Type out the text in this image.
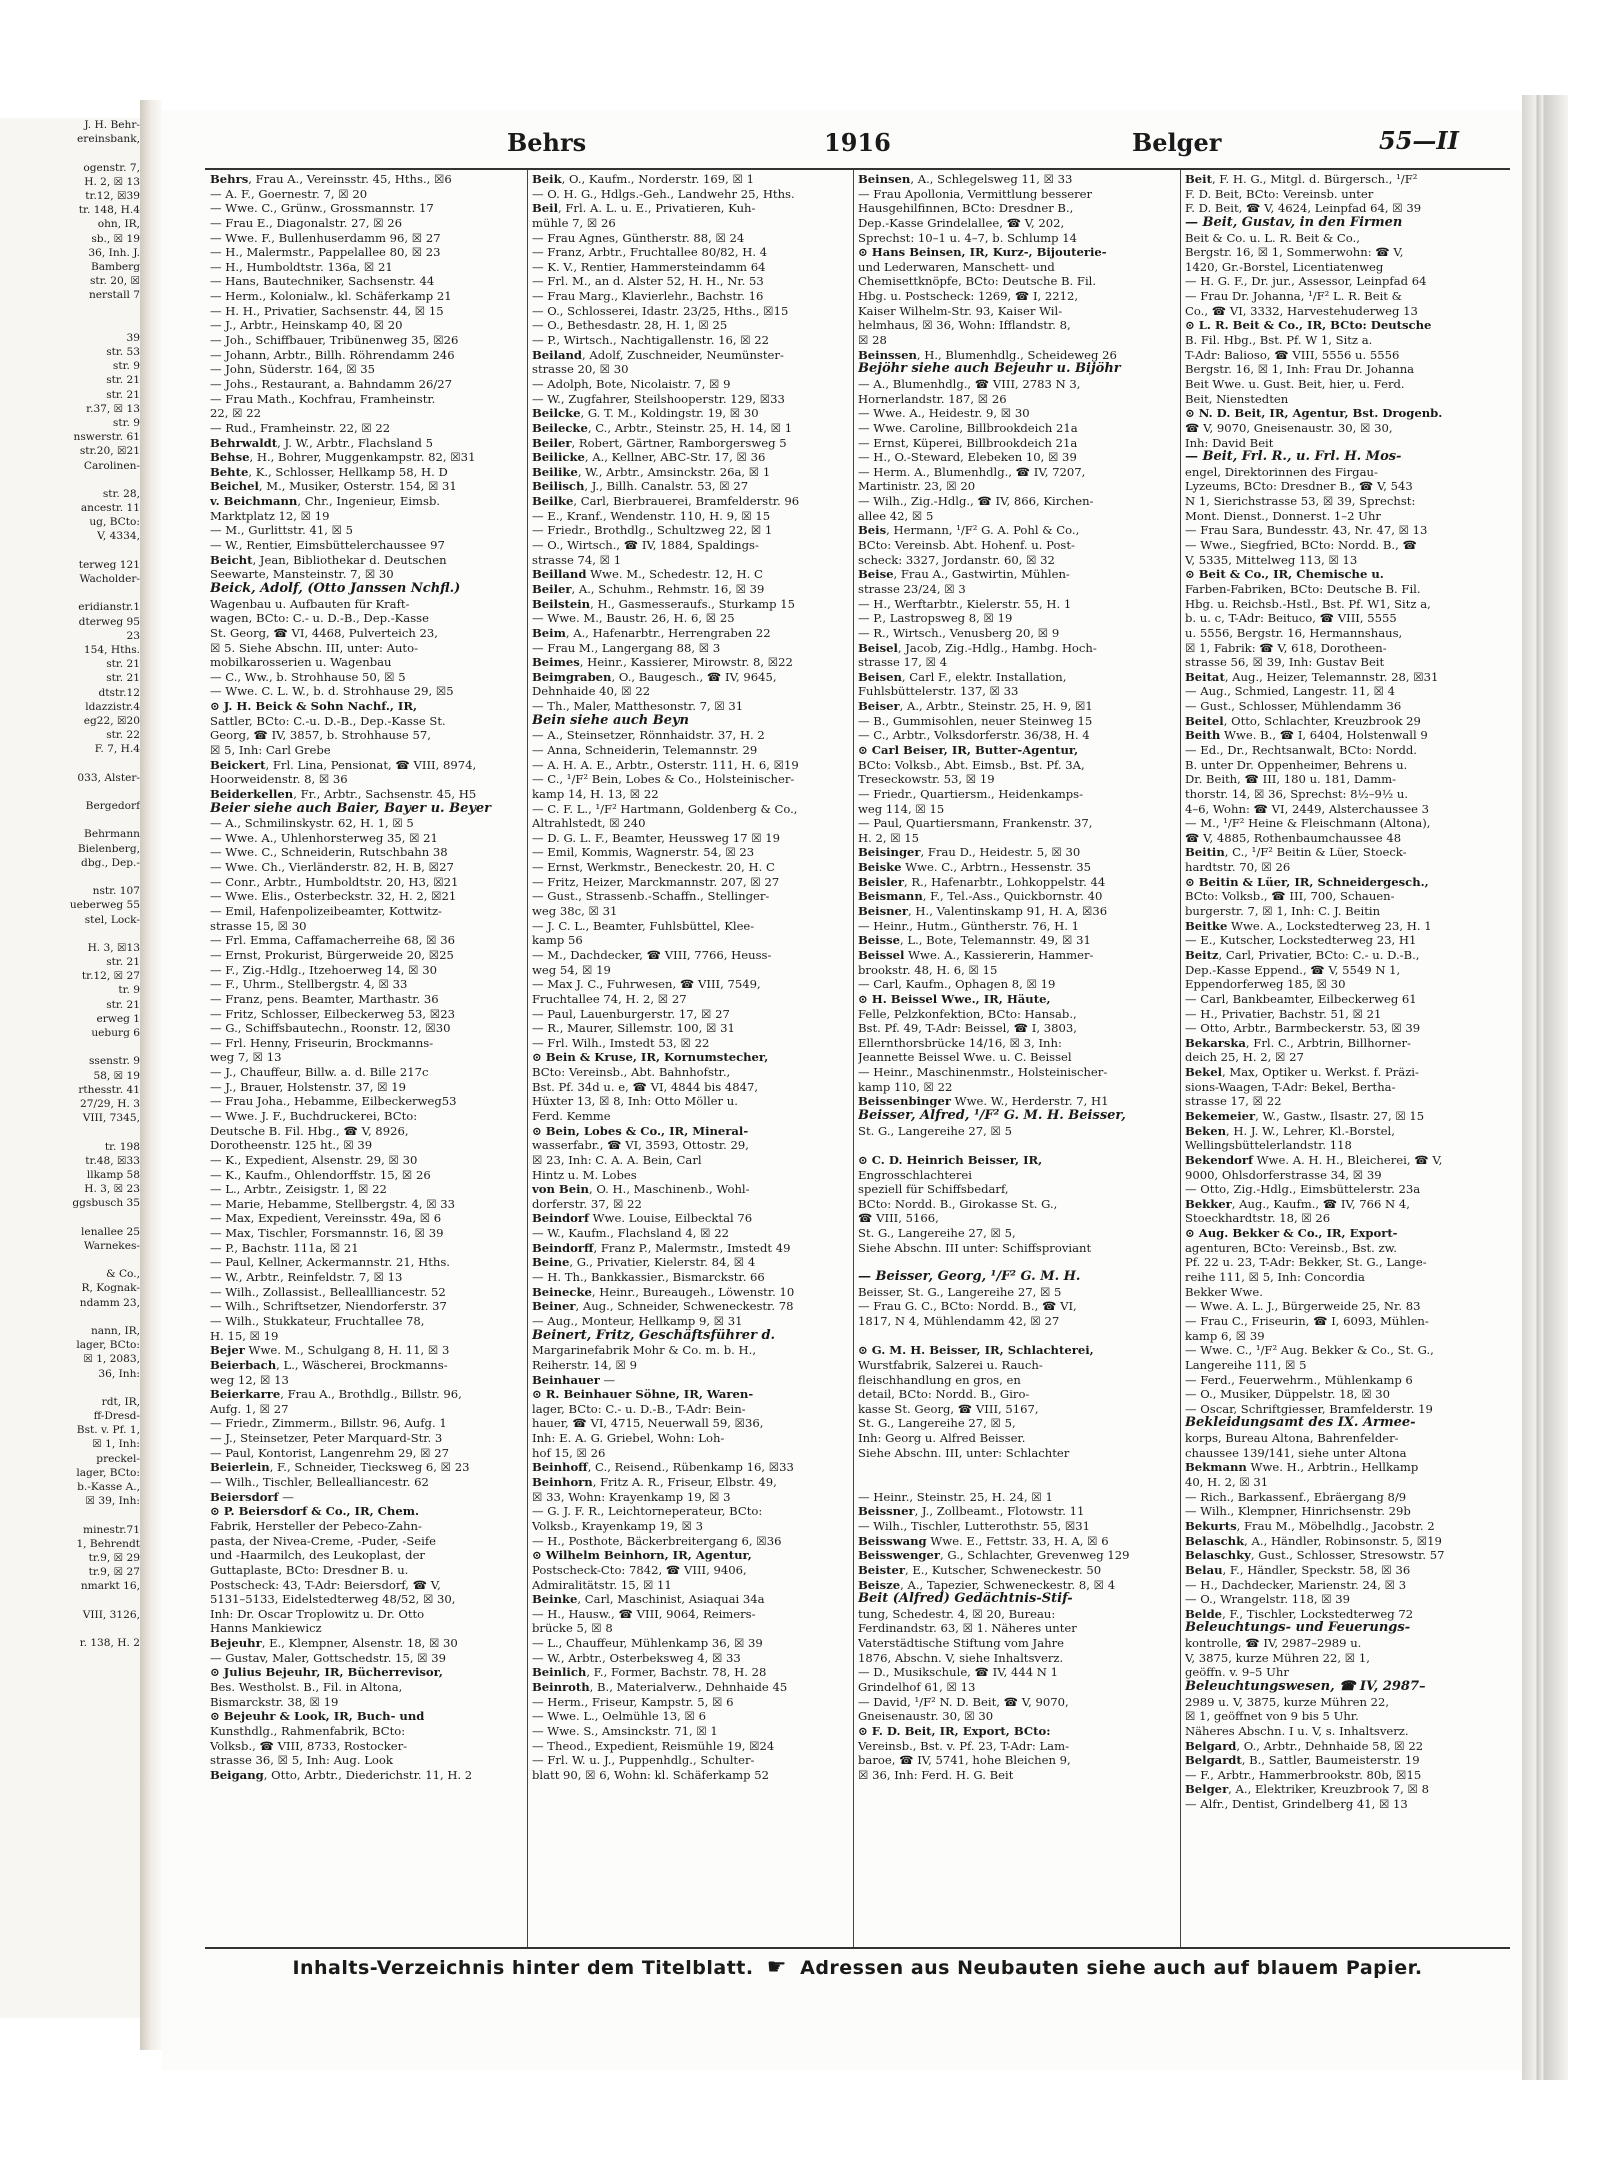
J. H. Behr-
ereinsbank,
ogenstr. 7,
H. 2, ☒ 13
tr.12, ☒39
tr. 148, H.4
ohn, IR,
sb., ☒ 19
36, Inh. J.
Bamberg
str. 20, ☒
nerstall 7
39
str. 53
str. 9
str. 21
str. 21
r.37, ☒ 13
str. 9
nswerstr. 61
str.20, ☒21
Carolinen-
str. 28,
ancestr. 11
ug, BCto:
V, 4334,
terweg 121
Wacholder-
eridianstr.1
dterweg 95
23
154, Hths.
str. 21
str. 21
dtstr.12
ldazzistr.4
eg22, ☒20
str. 22
F. 7, H.4
033, Alster-
Bergedorf
Behrmann
Bielenberg,
dbg., Dep.-
nstr. 107
ueberweg 55
stel, Lock-
H. 3, ☒13
str. 21
tr.12, ☒ 27
tr. 9
str. 21
erweg 1
ueburg 6
ssenstr. 9
58, ☒ 19
rthesstr. 41
27/29, H. 3
VIII, 7345,
tr. 198
tr.48, ☒33
llkamp 58
H. 3, ☒ 23
ggsbusch 35
lenallee 25
Warnekes-
& Co.,
R, Kognak-
ndamm 23,
nann, IR,
lager, BCto:
☒ 1, 2083,
36, Inh:
rdt, IR,
ff-Dresd-
Bst. v. Pf. 1,
☒ 1, Inh:
preckel-
lager, BCto:
b.-Kasse A.,
☒ 39, Inh:
minestr.71
1, Behrendt
tr.9, ☒ 29
tr.9, ☒ 27
nmarkt 16,
VIII, 3126,
r. 138, H. 2
Behrs	1916	Belger	55—II
Behrs, Frau A., Vereinsstr. 45, Hths., ☒6
— A. F., Goernestr. 7, ☒ 20
— Wwe. C., Grünw., Grossmannstr. 17
— Frau E., Diagonalstr. 27, ☒ 26
— Wwe. F., Bullenhuserdamm 96, ☒ 27
— H., Malermstr., Pappelallee 80, ☒ 23
— H., Humboldtstr. 136a, ☒ 21
— Hans, Bautechniker, Sachsenstr. 44
— Herm., Kolonialw., kl. Schäferkamp 21
— H. H., Privatier, Sachsenstr. 44, ☒ 15
— J., Arbtr., Heinskamp 40, ☒ 20
— Joh., Schiffbauer, Tribünenweg 35, ☒26
— Johann, Arbtr., Billh. Röhrendamm 246
— John, Süderstr. 164, ☒ 35
— Johs., Restaurant, a. Bahndamm 26/27
— Frau Math., Kochfrau, Framheinstr.
22, ☒ 22
— Rud., Framheinstr. 22, ☒ 22
Behrwaldt, J. W., Arbtr., Flachsland 5
Behse, H., Bohrer, Muggenkampstr. 82, ☒31
Behte, K., Schlosser, Hellkamp 58, H. D
Beichel, M., Musiker, Osterstr. 154, ☒ 31
v. Beichmann, Chr., Ingenieur, Eimsb.
Marktplatz 12, ☒ 19
— M., Gurlittstr. 41, ☒ 5
— W., Rentier, Eimsbüttelerchaussee 97
Beicht, Jean, Bibliothekar d. Deutschen
Seewarte, Mansteinstr. 7, ☒ 30
Beick, Adolf, (Otto Janssen Nchfl.)
Wagenbau u. Aufbauten für Kraft-
wagen, BCto: C.- u. D.-B., Dep.-Kasse
St. Georg, ☎ VI, 4468, Pulverteich 23,
☒ 5. Siehe Abschn. III, unter: Auto-
mobilkarosserien u. Wagenbau
— C., Ww., b. Strohhause 50, ☒ 5
— Wwe. C. L. W., b. d. Strohhause 29, ☒5
⊙ J. H. Beick & Sohn Nachf., IR,
Sattler, BCto: C.-u. D.-B., Dep.-Kasse St.
Georg, ☎ IV, 3857, b. Strohhause 57,
☒ 5, Inh: Carl Grebe
Beickert, Frl. Lina, Pensionat, ☎ VIII, 8974,
Hoorweidenstr. 8, ☒ 36
Beiderkellen, Fr., Arbtr., Sachsenstr. 45, H5
Beier siehe auch Baier, Bayer u. Beyer
— A., Schmilinskystr. 62, H. 1, ☒ 5
— Wwe. A., Uhlenhorsterweg 35, ☒ 21
— Wwe. C., Schneiderin, Rutschbahn 38
— Wwe. Ch., Vierländerstr. 82, H. B, ☒27
— Conr., Arbtr., Humboldtstr. 20, H3, ☒21
— Wwe. Elis., Osterbeckstr. 32, H. 2, ☒21
— Emil, Hafenpolizeibeamter, Kottwitz-
strasse 15, ☒ 30
— Frl. Emma, Caffamacherreihe 68, ☒ 36
— Ernst, Prokurist, Bürgerweide 20, ☒25
— F., Zig.-Hdlg., Itzehoerweg 14, ☒ 30
— F., Uhrm., Stellbergstr. 4, ☒ 33
— Franz, pens. Beamter, Marthastr. 36
— Fritz, Schlosser, Eilbeckerweg 53, ☒23
— G., Schiffsbautechn., Roonstr. 12, ☒30
— Frl. Henny, Friseurin, Brockmanns-
weg 7, ☒ 13
— J., Chauffeur, Billw. a. d. Bille 217c
— J., Brauer, Holstenstr. 37, ☒ 19
— Frau Joha., Hebamme, Eilbeckerweg53
— Wwe. J. F., Buchdruckerei, BCto:
Deutsche B. Fil. Hbg., ☎ V, 8926,
Dorotheenstr. 125 ht., ☒ 39
— K., Expedient, Alsenstr. 29, ☒ 30
— K., Kaufm., Ohlendorffstr. 15, ☒ 26
— L., Arbtr., Zeisigstr. 1, ☒ 22
— Marie, Hebamme, Stellbergstr. 4, ☒ 33
— Max, Expedient, Vereinsstr. 49a, ☒ 6
— Max, Tischler, Forsmannstr. 16, ☒ 39
— P., Bachstr. 111a, ☒ 21
— Paul, Kellner, Ackermannstr. 21, Hths.
— W., Arbtr., Reinfeldstr. 7, ☒ 13
— Wilh., Zollassist., Belleallliancestr. 52
— Wilh., Schriftsetzer, Niendorferstr. 37
— Wilh., Stukkateur, Fruchtallee 78,
H. 15, ☒ 19
Bejer Wwe. M., Schulgang 8, H. 11, ☒ 3
Beierbach, L., Wäscherei, Brockmanns-
weg 12, ☒ 13
Beierkarre, Frau A., Brothdlg., Billstr. 96,
Aufg. 1, ☒ 27
— Friedr., Zimmerm., Billstr. 96, Aufg. 1
— J., Steinsetzer, Peter Marquard-Str. 3
— Paul, Kontorist, Langenrehm 29, ☒ 27
Beierlein, F., Schneider, Tiecksweg 6, ☒ 23
— Wilh., Tischler, Bellealliancestr. 62
Beiersdorf —
⊙ P. Beiersdorf & Co., IR, Chem.
Fabrik, Hersteller der Pebeco-Zahn-
pasta, der Nivea-Creme, -Puder, -Seife
und -Haarmilch, des Leukoplast, der
Guttaplaste, BCto: Dresdner B. u.
Postscheck: 43, T-Adr: Beiersdorf, ☎ V,
5131–5133, Eidelstedterweg 48/52, ☒ 30,
Inh: Dr. Oscar Troplowitz u. Dr. Otto
Hanns Mankiewicz
Bejeuhr, E., Klempner, Alsenstr. 18, ☒ 30
— Gustav, Maler, Gottschedstr. 15, ☒ 39
⊙ Julius Bejeuhr, IR, Bücherrevisor,
Bes. Westholst. B., Fil. in Altona,
Bismarckstr. 38, ☒ 19
⊙ Bejeuhr & Look, IR, Buch- und
Kunsthdlg., Rahmenfabrik, BCto:
Volksb., ☎ VIII, 8733, Rostocker-
strasse 36, ☒ 5, Inh: Aug. Look
Beigang, Otto, Arbtr., Diederichstr. 11, H. 2
Beik, O., Kaufm., Norderstr. 169, ☒ 1
— O. H. G., Hdlgs.-Geh., Landwehr 25, Hths.
Beil, Frl. A. L. u. E., Privatieren, Kuh-
mühle 7, ☒ 26
— Frau Agnes, Güntherstr. 88, ☒ 24
— Franz, Arbtr., Fruchtallee 80/82, H. 4
— K. V., Rentier, Hammersteindamm 64
— Frl. M., an d. Alster 52, H. H., Nr. 53
— Frau Marg., Klavierlehr., Bachstr. 16
— O., Schlosserei, Idastr. 23/25, Hths., ☒15
— O., Bethesdastr. 28, H. 1, ☒ 25
— P., Wirtsch., Nachtigallenstr. 16, ☒ 22
Beiland, Adolf, Zuschneider, Neumünster-
strasse 20, ☒ 30
— Adolph, Bote, Nicolaistr. 7, ☒ 9
— W., Zugfahrer, Steilshooperstr. 129, ☒33
Beilcke, G. T. M., Koldingstr. 19, ☒ 30
Beilecke, C., Arbtr., Steinstr. 25, H. 14, ☒ 1
Beiler, Robert, Gärtner, Ramborgersweg 5
Beilicke, A., Kellner, ABC-Str. 17, ☒ 36
Beilike, W., Arbtr., Amsinckstr. 26a, ☒ 1
Beilisch, J., Billh. Canalstr. 53, ☒ 27
Beilke, Carl, Bierbrauerei, Bramfelderstr. 96
— E., Kranf., Wendenstr. 110, H. 9, ☒ 15
— Friedr., Brothdlg., Schultzweg 22, ☒ 1
— O., Wirtsch., ☎ IV, 1884, Spaldings-
strasse 74, ☒ 1
Beilland Wwe. M., Schedestr. 12, H. C
Beiler, A., Schuhm., Rehmstr. 16, ☒ 39
Beilstein, H., Gasmesseraufs., Sturkamp 15
— Wwe. M., Baustr. 26, H. 6, ☒ 25
Beim, A., Hafenarbtr., Herrengraben 22
— Frau M., Langergang 88, ☒ 3
Beimes, Heinr., Kassierer, Mirowstr. 8, ☒22
Beimgraben, O., Baugesch., ☎ IV, 9645,
Dehnhaide 40, ☒ 22
— Th., Maler, Matthesonstr. 7, ☒ 31
Bein siehe auch Beyn
— A., Steinsetzer, Rönnhaidstr. 37, H. 2
— Anna, Schneiderin, Telemannstr. 29
— A. H. A. E., Arbtr., Osterstr. 111, H. 6, ☒19
— C., ¹/F² Bein, Lobes & Co., Holsteinischer-
kamp 14, H. 13, ☒ 22
— C. F. L., ¹/F² Hartmann, Goldenberg & Co.,
Altrahlstedt, ☒ 240
— D. G. L. F., Beamter, Heussweg 17 ☒ 19
— Emil, Kommis, Wagnerstr. 54, ☒ 23
— Ernst, Werkmstr., Beneckestr. 20, H. C
— Fritz, Heizer, Marckmannstr. 207, ☒ 27
— Gust., Strassenb.-Schaffn., Stellinger-
weg 38c, ☒ 31
— J. C. L., Beamter, Fuhlsbüttel, Klee-
kamp 56
— M., Dachdecker, ☎ VIII, 7766, Heuss-
weg 54, ☒ 19
— Max J. C., Fuhrwesen, ☎ VIII, 7549,
Fruchtallee 74, H. 2, ☒ 27
— Paul, Lauenburgerstr. 17, ☒ 27
— R., Maurer, Sillemstr. 100, ☒ 31
— Frl. Wilh., Imstedt 53, ☒ 22
⊙ Bein & Kruse, IR, Kornumstecher,
BCto: Vereinsb., Abt. Bahnhofstr.,
Bst. Pf. 34d u. e, ☎ VI, 4844 bis 4847,
Hüxter 13, ☒ 8, Inh: Otto Möller u.
Ferd. Kemme
⊙ Bein, Lobes & Co., IR, Mineral-
wasserfabr., ☎ VI, 3593, Ottostr. 29,
☒ 23, Inh: C. A. A. Bein, Carl
Hintz u. M. Lobes
von Bein, O. H., Maschinenb., Wohl-
dorferstr. 37, ☒ 22
Beindorf Wwe. Louise, Eilbecktal 76
— W., Kaufm., Flachsland 4, ☒ 22
Beindorff, Franz P., Malermstr., Imstedt 49
Beine, G., Privatier, Kielerstr. 84, ☒ 4
— H. Th., Bankkassier., Bismarckstr. 66
Beinecke, Heinr., Bureaugeh., Löwenstr. 10
Beiner, Aug., Schneider, Schweneckestr. 78
— Aug., Monteur, Hellkamp 9, ☒ 31
Beinert, Fritz, Geschäftsführer d.
Margarinefabrik Mohr & Co. m. b. H.,
Reiherstr. 14, ☒ 9
Beinhauer —
⊙ R. Beinhauer Söhne, IR, Waren-
lager, BCto: C.- u. D.-B., T-Adr: Bein-
hauer, ☎ VI, 4715, Neuerwall 59, ☒36,
Inh: E. A. G. Griebel, Wohn: Loh-
hof 15, ☒ 26
Beinhoff, C., Reisend., Rübenkamp 16, ☒33
Beinhorn, Fritz A. R., Friseur, Elbstr. 49,
☒ 33, Wohn: Krayenkamp 19, ☒ 3
— G. J. F. R., Leichtorneperateur, BCto:
Volksb., Krayenkamp 19, ☒ 3
— H., Posthote, Bäckerbreitergang 6, ☒36
⊙ Wilhelm Beinhorn, IR, Agentur,
Postscheck-Cto: 7842, ☎ VIII, 9406,
Admiralitätstr. 15, ☒ 11
Beinke, Carl, Maschinist, Asiaquai 34a
— H., Hausw., ☎ VIII, 9064, Reimers-
brücke 5, ☒ 8
— L., Chauffeur, Mühlenkamp 36, ☒ 39
— W., Arbtr., Osterbeksweg 4, ☒ 33
Beinlich, F., Former, Bachstr. 78, H. 28
Beinroth, B., Materialverw., Dehnhaide 45
— Herm., Friseur, Kampstr. 5, ☒ 6
— Wwe. L., Oelmühle 13, ☒ 6
— Wwe. S., Amsinckstr. 71, ☒ 1
— Theod., Expedient, Reismühle 19, ☒24
— Frl. W. u. J., Puppenhdlg., Schulter-
blatt 90, ☒ 6, Wohn: kl. Schäferkamp 52
Beinsen, A., Schlegelsweg 11, ☒ 33
— Frau Apollonia, Vermittlung besserer
Hausgehilfinnen, BCto: Dresdner B.,
Dep.-Kasse Grindelallee, ☎ V, 202,
Sprechst: 10–1 u. 4–7, b. Schlump 14
⊙ Hans Beinsen, IR, Kurz-, Bijouterie-
und Lederwaren, Manschett- und
Chemisettknöpfe, BCto: Deutsche B. Fil.
Hbg. u. Postscheck: 1269, ☎ I, 2212,
Kaiser Wilhelm-Str. 93, Kaiser Wil-
helmhaus, ☒ 36, Wohn: Ifflandstr. 8,
☒ 28
Beinssen, H., Blumenhdlg., Scheideweg 26
Bejöhr siehe auch Bejeuhr u. Bijöhr
— A., Blumenhdlg., ☎ VIII, 2783 N 3,
Hornerlandstr. 187, ☒ 26
— Wwe. A., Heidestr. 9, ☒ 30
— Wwe. Caroline, Billbrookdeich 21a
— Ernst, Küperei, Billbrookdeich 21a
— H., O.-Steward, Elebeken 10, ☒ 39
— Herm. A., Blumenhdlg., ☎ IV, 7207,
Martinistr. 23, ☒ 20
— Wilh., Zig.-Hdlg., ☎ IV, 866, Kirchen-
allee 42, ☒ 5
Beis, Hermann, ¹/F² G. A. Pohl & Co.,
BCto: Vereinsb. Abt. Hohenf. u. Post-
scheck: 3327, Jordanstr. 60, ☒ 32
Beise, Frau A., Gastwirtin, Mühlen-
strasse 23/24, ☒ 3
— H., Werftarbtr., Kielerstr. 55, H. 1
— P., Lastropsweg 8, ☒ 19
— R., Wirtsch., Venusberg 20, ☒ 9
Beisel, Jacob, Zig.-Hdlg., Hambg. Hoch-
strasse 17, ☒ 4
Beisen, Carl F., elektr. Installation,
Fuhlsbüttelerstr. 137, ☒ 33
Beiser, A., Arbtr., Steinstr. 25, H. 9, ☒1
— B., Gummisohlen, neuer Steinweg 15
— C., Arbtr., Volksdorferstr. 36/38, H. 4
⊙ Carl Beiser, IR, Butter-Agentur,
BCto: Volksb., Abt. Eimsb., Bst. Pf. 3A,
Treseckowstr. 53, ☒ 19
— Friedr., Quartiersm., Heidenkamps-
weg 114, ☒ 15
— Paul, Quartiersmann, Frankenstr. 37,
H. 2, ☒ 15
Beisinger, Frau D., Heidestr. 5, ☒ 30
Beiske Wwe. C., Arbtrn., Hessenstr. 35
Beisler, R., Hafenarbtr., Lohkoppelstr. 44
Beismann, F., Tel.-Ass., Quickbornstr. 40
Beisner, H., Valentinskamp 91, H. A, ☒36
— Heinr., Hutm., Güntherstr. 76, H. 1
Beisse, L., Bote, Telemannstr. 49, ☒ 31
Beissel Wwe. A., Kassiererin, Hammer-
brookstr. 48, H. 6, ☒ 15
— Carl, Kaufm., Ophagen 8, ☒ 19
⊙ H. Beissel Wwe., IR, Häute,
Felle, Pelzkonfektion, BCto: Hansab.,
Bst. Pf. 49, T-Adr: Beissel, ☎ I, 3803,
Ellernthorsbrücke 14/16, ☒ 3, Inh:
Jeannette Beissel Wwe. u. C. Beissel
— Heinr., Maschinenmstr., Holsteinischer-
kamp 110, ☒ 22
Beissenbinger Wwe. W., Herderstr. 7, H1
Beisser, Alfred, ¹/F² G. M. H. Beisser,
St. G., Langereihe 27, ☒ 5
⊙ C. D. Heinrich Beisser, IR,
Engrosschlachterei
speziell für Schiffsbedarf,
BCto: Nordd. B., Girokasse St. G.,
☎ VIII, 5166,
St. G., Langereihe 27, ☒ 5,
Siehe Abschn. III unter: Schiffsproviant
— Beisser, Georg, ¹/F² G. M. H.
Beisser, St. G., Langereihe 27, ☒ 5
— Frau G. C., BCto: Nordd. B., ☎ VI,
1817, N 4, Mühlendamm 42, ☒ 27
⊙ G. M. H. Beisser, IR, Schlachterei,
Wurstfabrik, Salzerei u. Rauch-
fleischhandlung en gros, en
detail, BCto: Nordd. B., Giro-
kasse St. Georg, ☎ VIII, 5167,
St. G., Langereihe 27, ☒ 5,
Inh: Georg u. Alfred Beisser.
Siehe Abschn. III, unter: Schlachter
— Heinr., Steinstr. 25, H. 24, ☒ 1
Beissner, J., Zollbeamt., Flotowstr. 11
— Wilh., Tischler, Lutterothstr. 55, ☒31
Beisswang Wwe. E., Fettstr. 33, H. A, ☒ 6
Beisswenger, G., Schlachter, Grevenweg 129
Beister, E., Kutscher, Schweneckestr. 50
Beisze, A., Tapezier, Schweneckestr. 8, ☒ 4
Beit (Alfred) Gedächtnis-Stif-
tung, Schedestr. 4, ☒ 20, Bureau:
Ferdinandstr. 63, ☒ 1. Näheres unter
Vaterstädtische Stiftung vom Jahre
1876, Abschn. V, siehe Inhaltsverz.
— D., Musikschule, ☎ IV, 444 N 1
Grindelhof 61, ☒ 13
— David, ¹/F² N. D. Beit, ☎ V, 9070,
Gneisenaustr. 30, ☒ 30
⊙ F. D. Beit, IR, Export, BCto:
Vereinsb., Bst. v. Pf. 23, T-Adr: Lam-
baroe, ☎ IV, 5741, hohe Bleichen 9,
☒ 36, Inh: Ferd. H. G. Beit
Beit, F. H. G., Mitgl. d. Bürgersch., ¹/F²
F. D. Beit, BCto: Vereinsb. unter
F. D. Beit, ☎ V, 4624, Leinpfad 64, ☒ 39
— Beit, Gustav, in den Firmen
Beit & Co. u. L. R. Beit & Co.,
Bergstr. 16, ☒ 1, Sommerwohn: ☎ V,
1420, Gr.-Borstel, Licentiatenweg
— H. G. F., Dr. jur., Assessor, Leinpfad 64
— Frau Dr. Johanna, ¹/F² L. R. Beit &
Co., ☎ VI, 3332, Harvestehuderweg 13
⊙ L. R. Beit & Co., IR, BCto: Deutsche
B. Fil. Hbg., Bst. Pf. W 1, Sitz a.
T-Adr: Balioso, ☎ VIII, 5556 u. 5556
Bergstr. 16, ☒ 1, Inh: Frau Dr. Johanna
Beit Wwe. u. Gust. Beit, hier, u. Ferd.
Beit, Nienstedten
⊙ N. D. Beit, IR, Agentur, Bst. Drogenb.
☎ V, 9070, Gneisenaustr. 30, ☒ 30,
Inh: David Beit
— Beit, Frl. R., u. Frl. H. Mos-
engel, Direktorinnen des Firgau-
Lyzeums, BCto: Dresdner B., ☎ V, 543
N 1, Sierichstrasse 53, ☒ 39, Sprechst:
Mont. Dienst., Donnerst. 1–2 Uhr
— Frau Sara, Bundesstr. 43, Nr. 47, ☒ 13
— Wwe., Siegfried, BCto: Nordd. B., ☎
V, 5335, Mittelweg 113, ☒ 13
⊙ Beit & Co., IR, Chemische u.
Farben-Fabriken, BCto: Deutsche B. Fil.
Hbg. u. Reichsb.-Hstl., Bst. Pf. W1, Sitz a,
b. u. c, T-Adr: Beituco, ☎ VIII, 5555
u. 5556, Bergstr. 16, Hermannshaus,
☒ 1, Fabrik: ☎ V, 618, Dorotheen-
strasse 56, ☒ 39, Inh: Gustav Beit
Beitat, Aug., Heizer, Telemannstr. 28, ☒31
— Aug., Schmied, Langestr. 11, ☒ 4
— Gust., Schlosser, Mühlendamm 36
Beitel, Otto, Schlachter, Kreuzbrook 29
Beith Wwe. B., ☎ I, 6404, Holstenwall 9
— Ed., Dr., Rechtsanwalt, BCto: Nordd.
B. unter Dr. Oppenheimer, Behrens u.
Dr. Beith, ☎ III, 180 u. 181, Damm-
thorstr. 14, ☒ 36, Sprechst: 8½–9½ u.
4–6, Wohn: ☎ VI, 2449, Alsterchaussee 3
— M., ¹/F² Heine & Fleischmann (Altona),
☎ V, 4885, Rothenbaumchaussee 48
Beitin, C., ¹/F² Beitin & Lüer, Stoeck-
hardtstr. 70, ☒ 26
⊙ Beitin & Lüer, IR, Schneidergesch.,
BCto: Volksb., ☎ III, 700, Schauen-
burgerstr. 7, ☒ 1, Inh: C. J. Beitin
Beitke Wwe. A., Lockstedterweg 23, H. 1
— E., Kutscher, Lockstedterweg 23, H1
Beitz, Carl, Privatier, BCto: C.- u. D.-B.,
Dep.-Kasse Eppend., ☎ V, 5549 N 1,
Eppendorferweg 185, ☒ 30
— Carl, Bankbeamter, Eilbeckerweg 61
— H., Privatier, Bachstr. 51, ☒ 21
— Otto, Arbtr., Barmbeckerstr. 53, ☒ 39
Bekarska, Frl. C., Arbtrin, Billhorner-
deich 25, H. 2, ☒ 27
Bekel, Max, Optiker u. Werkst. f. Präzi-
sions-Waagen, T-Adr: Bekel, Bertha-
strasse 17, ☒ 22
Bekemeier, W., Gastw., Ilsastr. 27, ☒ 15
Beken, H. J. W., Lehrer, Kl.-Borstel,
Wellingsbüttelerlandstr. 118
Bekendorf Wwe. A. H. H., Bleicherei, ☎ V,
9000, Ohlsdorferstrasse 34, ☒ 39
— Otto, Zig.-Hdlg., Eimsbüttelerstr. 23a
Bekker, Aug., Kaufm., ☎ IV, 766 N 4,
Stoeckhardtstr. 18, ☒ 26
⊙ Aug. Bekker & Co., IR, Export-
agenturen, BCto: Vereinsb., Bst. zw.
Pf. 22 u. 23, T-Adr: Bekker, St. G., Lange-
reihe 111, ☒ 5, Inh: Concordia
Bekker Wwe.
— Wwe. A. L. J., Bürgerweide 25, Nr. 83
— Frau C., Friseurin, ☎ I, 6093, Mühlen-
kamp 6, ☒ 39
— Wwe. C., ¹/F² Aug. Bekker & Co., St. G.,
Langereihe 111, ☒ 5
— Ferd., Feuerwehrm., Mühlenkamp 6
— O., Musiker, Düppelstr. 18, ☒ 30
— Oscar, Schriftgiesser, Bramfelderstr. 19
Bekleidungsamt des IX. Armee-
korps, Bureau Altona, Bahrenfelder-
chaussee 139/141, siehe unter Altona
Bekmann Wwe. H., Arbtrin., Hellkamp
40, H. 2, ☒ 31
— Rich., Barkassenf., Ebräergang 8/9
— Wilh., Klempner, Hinrichsenstr. 29b
Bekurts, Frau M., Möbelhdlg., Jacobstr. 2
Belaschk, A., Händler, Robinsonstr. 5, ☒19
Belaschky, Gust., Schlosser, Stresowstr. 57
Belau, F., Händler, Speckstr. 58, ☒ 36
— H., Dachdecker, Marienstr. 24, ☒ 3
— O., Wrangelstr. 118, ☒ 39
Belde, F., Tischler, Lockstedterweg 72
Beleuchtungs- und Feuerungs-
kontrolle, ☎ IV, 2987–2989 u.
V, 3875, kurze Mühren 22, ☒ 1,
geöffn. v. 9–5 Uhr
Beleuchtungswesen, ☎ IV, 2987–
2989 u. V, 3875, kurze Mühren 22,
☒ 1, geöffnet von 9 bis 5 Uhr.
Näheres Abschn. I u. V, s. Inhaltsverz.
Belgard, O., Arbtr., Dehnhaide 58, ☒ 22
Belgardt, B., Sattler, Baumeisterstr. 19
— F., Arbtr., Hammerbrookstr. 80b, ☒15
Belger, A., Elektriker, Kreuzbrook 7, ☒ 8
— Alfr., Dentist, Grindelberg 41, ☒ 13
Inhalts-Verzeichnis hinter dem Titelblatt. ☛ Adressen aus Neubauten siehe auch auf blauem Papier.
